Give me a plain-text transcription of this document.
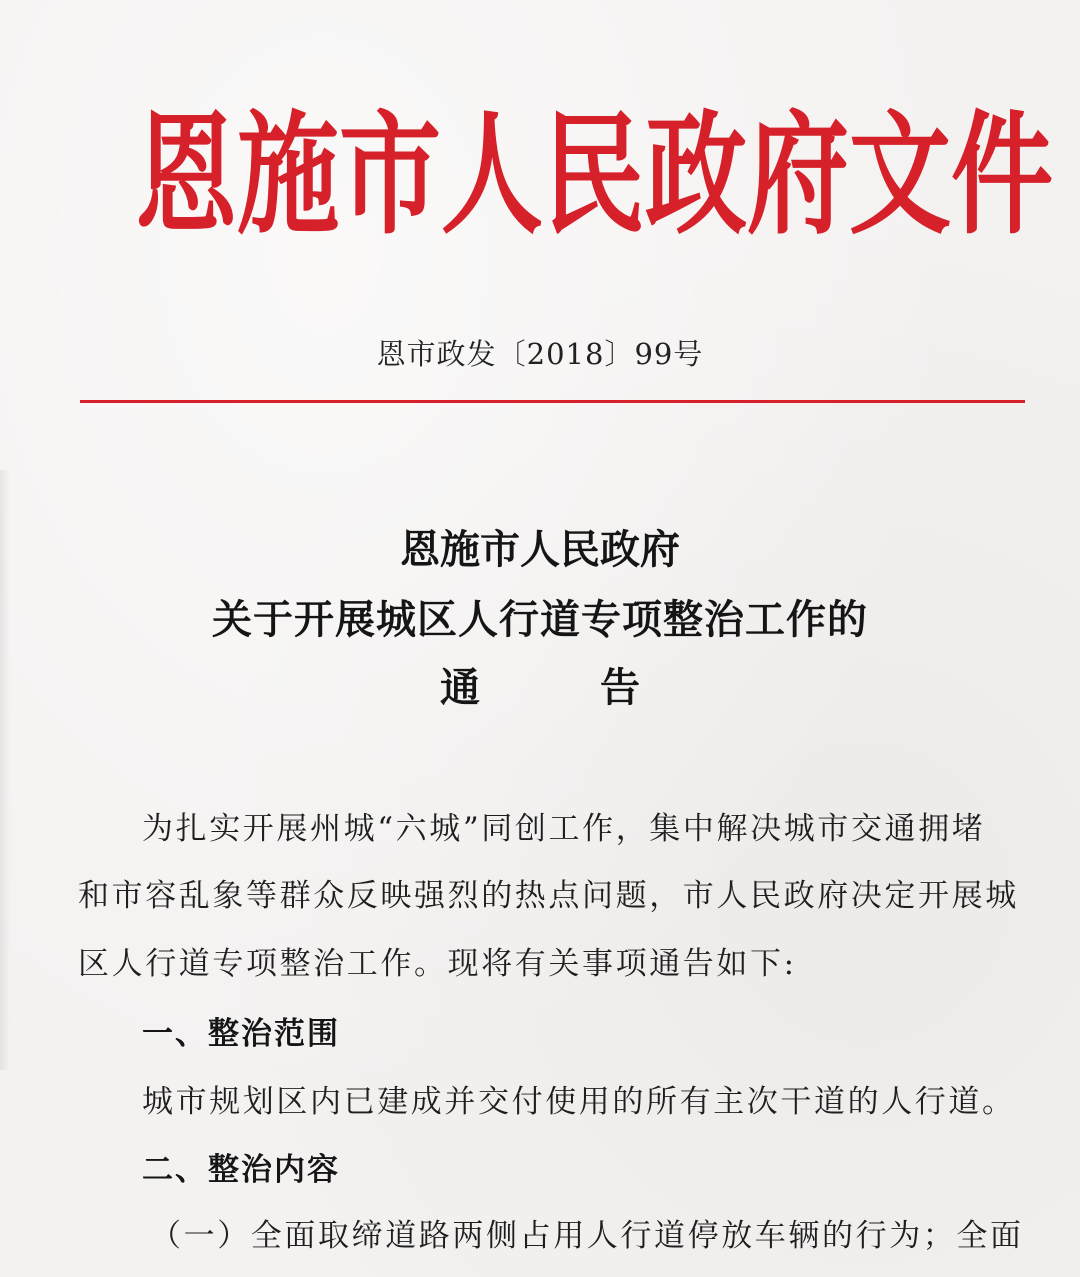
恩施市人民政府文件
恩市政发〔2018〕99号
恩施市人民政府
关于开展城区人行道专项整治工作的
通	告
为扎实开展州城“六城”同创工作，集中解决城市交通拥堵
和市容乱象等群众反映强烈的热点问题，市人民政府决定开展城
区人行道专项整治工作。现将有关事项通告如下:
一、整治范围
城市规划区内已建成并交付使用的所有主次干道的人行道。
二、整治内容
（一）全面取缔道路两侧占用人行道停放车辆的行为；全面
